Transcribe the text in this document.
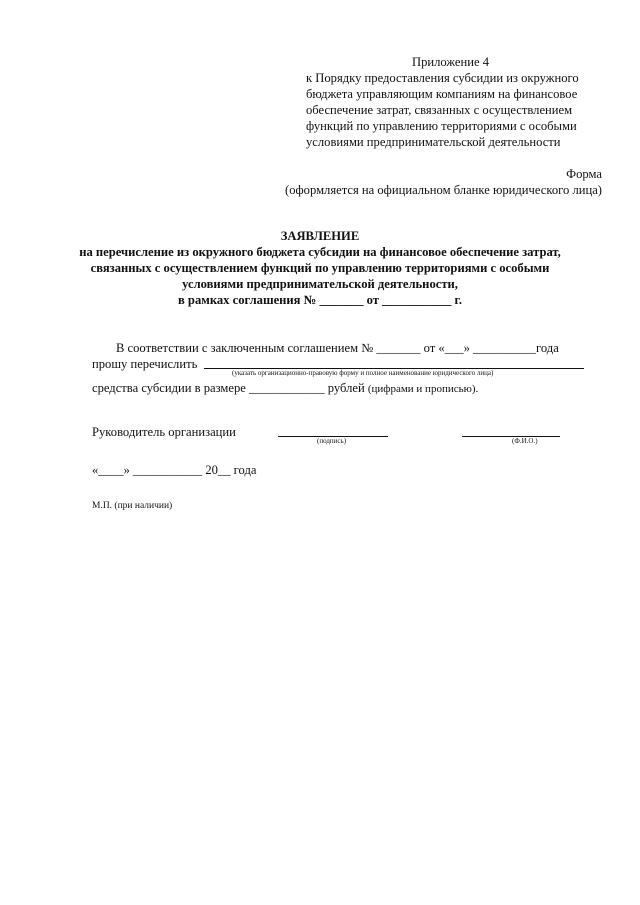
Приложение 4
к Порядку предоставления субсидии из окружного
бюджета управляющим компаниям на финансовое
обеспечение затрат, связанных с осуществлением
функций по управлению территориями с особыми
условиями предпринимательской деятельности
Форма
(оформляется на официальном бланке юридического лица)
ЗАЯВЛЕНИЕ
на перечисление из окружного бюджета субсидии на финансовое обеспечение затрат,
связанных с осуществлением функций по управлению территориями с особыми
условиями предпринимательской деятельности,
в рамках соглашения № _______ от ___________ г.
В соответствии с заключенным соглашением № _______ от «___» __________года
прошу перечислить
(указать организационно-правовую форму и полное наименование юридического лица)
средства субсидии в размере ____________ рублей (цифрами и прописью).
Руководитель организации
(подпись)	(Ф.И.О.)
«____» ___________ 20__ года
М.П. (при наличии)
